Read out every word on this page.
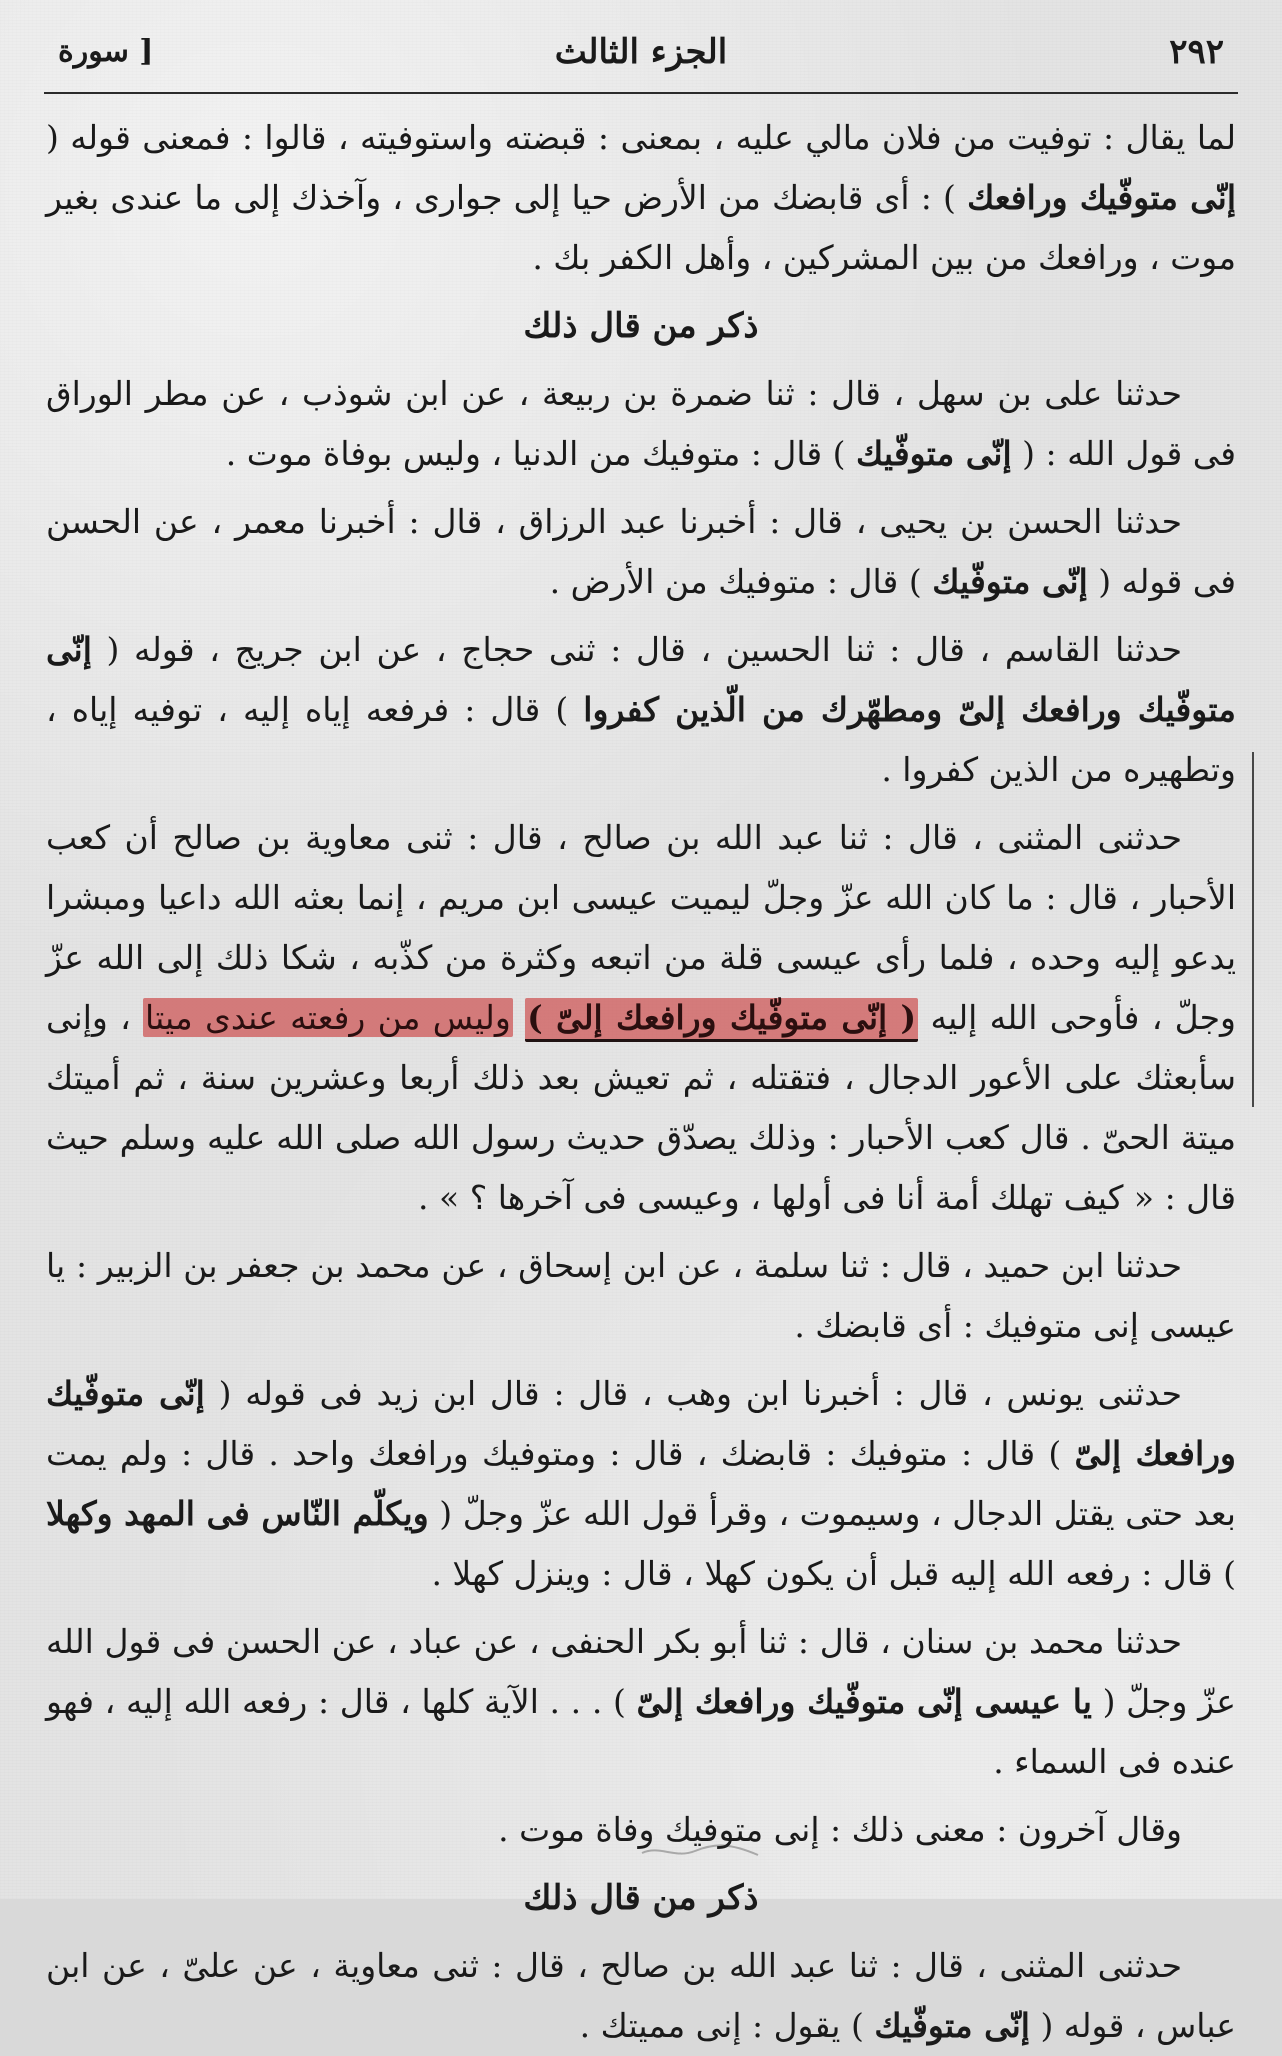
٢٩٢
الجزء الثالث
[ سورة

لما يقال : توفيت من فلان مالي عليه ، بمعنى : قبضته واستوفيته ، قالوا : فمعنى قوله ( إنّى متوفّيك ورافعك ) : أى قابضك من الأرض حيا إلى جوارى ، وآخذك إلى ما عندى بغير موت ، ورافعك من بين المشركين ، وأهل الكفر بك .

ذكر من قال ذلك

حدثنا على بن سهل ، قال : ثنا ضمرة بن ربيعة ، عن ابن شوذب ، عن مطر الوراق فى قول الله : ( إنّى متوفّيك ) قال : متوفيك من الدنيا ، وليس بوفاة موت .

حدثنا الحسن بن يحيى ، قال : أخبرنا عبد الرزاق ، قال : أخبرنا معمر ، عن الحسن فى قوله ( إنّى متوفّيك ) قال : متوفيك من الأرض .

حدثنا القاسم ، قال : ثنا الحسين ، قال : ثنى حجاج ، عن ابن جريج ، قوله ( إنّى متوفّيك ورافعك إلىّ ومطهّرك من الّذين كفروا ) قال : فرفعه إياه إليه ، توفيه إياه ، وتطهيره من الذين كفروا .

حدثنى المثنى ، قال : ثنا عبد الله بن صالح ، قال : ثنى معاوية بن صالح أن كعب الأحبار ، قال : ما كان الله عزّ وجلّ ليميت عيسى ابن مريم ، إنما بعثه الله داعيا ومبشرا يدعو إليه وحده ، فلما رأى عيسى قلة من اتبعه وكثرة من كذّبه ، شكا ذلك إلى الله عزّ وجلّ ، فأوحى الله إليه ( إنّى متوفّيك ورافعك إلىّ ) وليس من رفعته عندى ميتا ، وإنى سأبعثك على الأعور الدجال ، فتقتله ، ثم تعيش بعد ذلك أربعا وعشرين سنة ، ثم أميتك ميتة الحىّ . قال كعب الأحبار : وذلك يصدّق حديث رسول الله صلى الله عليه وسلم حيث قال : « كيف تهلك أمة أنا فى أولها ، وعيسى فى آخرها ؟ » .

حدثنا ابن حميد ، قال : ثنا سلمة ، عن ابن إسحاق ، عن محمد بن جعفر بن الزبير : يا عيسى إنى متوفيك : أى قابضك .

حدثنى يونس ، قال : أخبرنا ابن وهب ، قال : قال ابن زيد فى قوله ( إنّى متوفّيك ورافعك إلىّ ) قال : متوفيك : قابضك ، قال : ومتوفيك ورافعك واحد . قال : ولم يمت بعد حتى يقتل الدجال ، وسيموت ، وقرأ قول الله عزّ وجلّ ( ويكلّم النّاس فى المهد وكهلا ) قال : رفعه الله إليه قبل أن يكون كهلا ، قال : وينزل كهلا .

حدثنا محمد بن سنان ، قال : ثنا أبو بكر الحنفى ، عن عباد ، عن الحسن فى قول الله عزّ وجلّ ( يا عيسى إنّى متوفّيك ورافعك إلىّ ) . . . الآية كلها ، قال : رفعه الله إليه ، فهو عنده فى السماء .

وقال آخرون : معنى ذلك : إنى متوفيك وفاة موت .

ذكر من قال ذلك

حدثنى المثنى ، قال : ثنا عبد الله بن صالح ، قال : ثنى معاوية ، عن علىّ ، عن ابن عباس ، قوله ( إنّى متوفّيك ) يقول : إنى مميتك .
